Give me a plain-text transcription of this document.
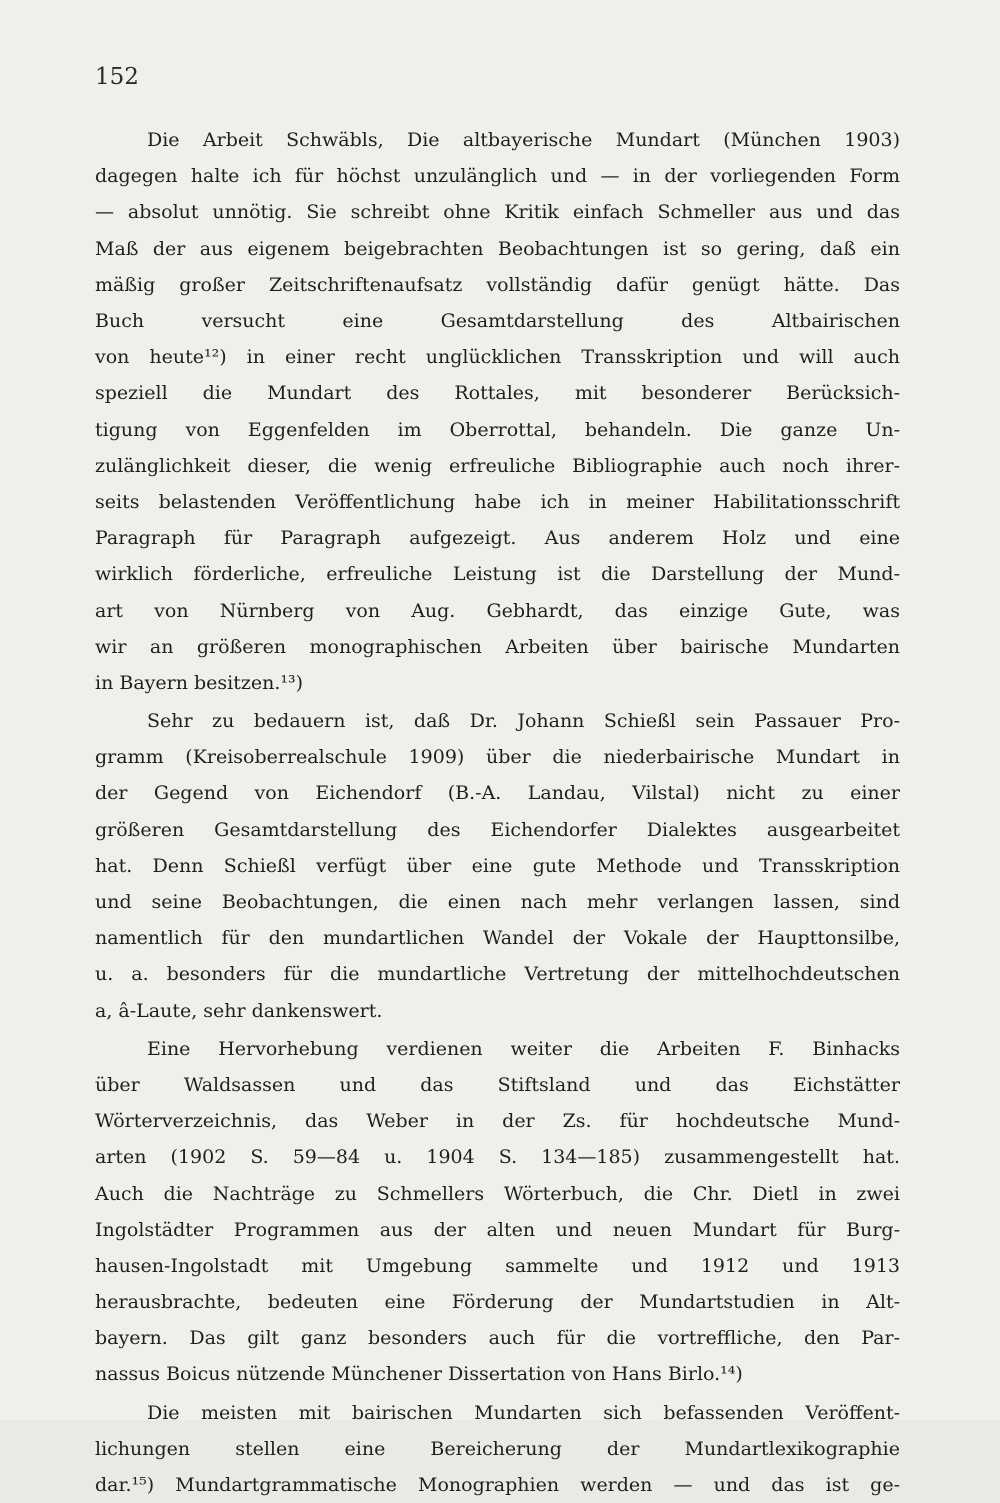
152
Die Arbeit Schwäbls, Die altbayerische Mundart (München 1903)
dagegen halte ich für höchst unzulänglich und — in der vorliegenden Form
— absolut unnötig. Sie schreibt ohne Kritik einfach Schmeller aus und das
Maß der aus eigenem beigebrachten Beobachtungen ist so gering, daß ein
mäßig großer Zeitschriftenaufsatz vollständig dafür genügt hätte. Das
Buch versucht eine Gesamtdarstellung des Altbairischen
von heute¹²) in einer recht unglücklichen Transskription und will auch
speziell die Mundart des Rottales, mit besonderer Berücksich-
tigung von Eggenfelden im Oberrottal, behandeln. Die ganze Un-
zulänglichkeit dieser, die wenig erfreuliche Bibliographie auch noch ihrer-
seits belastenden Veröffentlichung habe ich in meiner Habilitationsschrift
Paragraph für Paragraph aufgezeigt. Aus anderem Holz und eine
wirklich förderliche, erfreuliche Leistung ist die Darstellung der Mund-
art von Nürnberg von Aug. Gebhardt, das einzige Gute, was
wir an größeren monographischen Arbeiten über bairische Mundarten
in Bayern besitzen.¹³)
Sehr zu bedauern ist, daß Dr. Johann Schießl sein Passauer Pro-
gramm (Kreisoberrealschule 1909) über die niederbairische Mundart in
der Gegend von Eichendorf (B.-A. Landau, Vilstal) nicht zu einer
größeren Gesamtdarstellung des Eichendorfer Dialektes ausgearbeitet
hat. Denn Schießl verfügt über eine gute Methode und Transskription
und seine Beobachtungen, die einen nach mehr verlangen lassen, sind
namentlich für den mundartlichen Wandel der Vokale der Haupttonsilbe,
u. a. besonders für die mundartliche Vertretung der mittelhochdeutschen
a, â-Laute, sehr dankenswert.
Eine Hervorhebung verdienen weiter die Arbeiten F. Binhacks
über Waldsassen und das Stiftsland und das Eichstätter
Wörterverzeichnis, das Weber in der Zs. für hochdeutsche Mund-
arten (1902 S. 59—84 u. 1904 S. 134—185) zusammengestellt hat.
Auch die Nachträge zu Schmellers Wörterbuch, die Chr. Dietl in zwei
Ingolstädter Programmen aus der alten und neuen Mundart für Burg-
hausen-Ingolstadt mit Umgebung sammelte und 1912 und 1913
herausbrachte, bedeuten eine Förderung der Mundartstudien in Alt-
bayern. Das gilt ganz besonders auch für die vortreffliche, den Par-
nassus Boicus nützende Münchener Dissertation von Hans Birlo.¹⁴)
Die meisten mit bairischen Mundarten sich befassenden Veröffent-
lichungen stellen eine Bereicherung der Mundartlexikographie
dar.¹⁵) Mundartgrammatische Monographien werden — und das ist ge-
